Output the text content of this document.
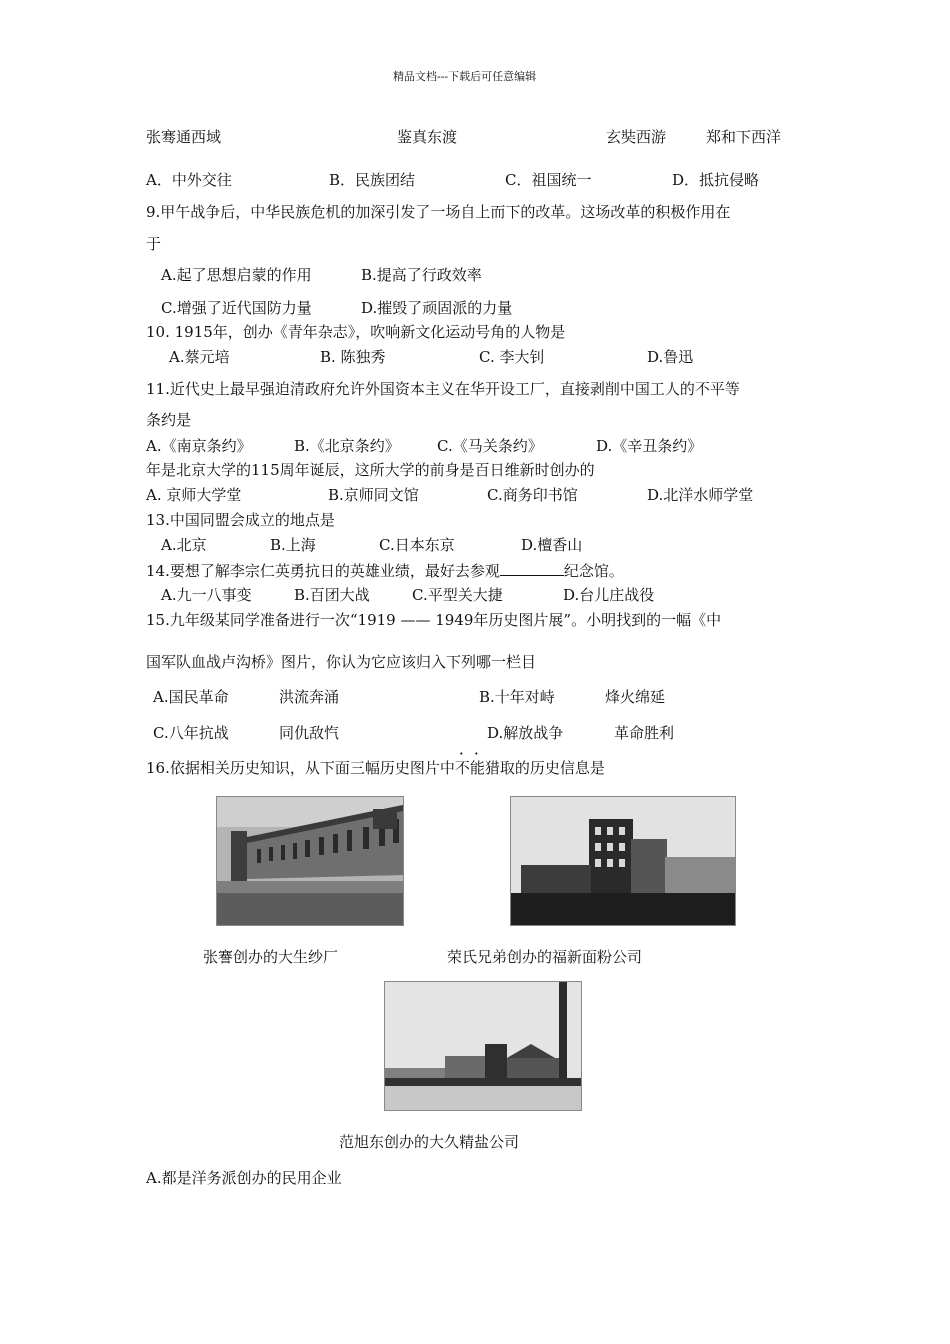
精品文档---下载后可任意编辑
张骞通西域	鉴真东渡	玄奘西游	郑和下西洋
A．中外交往	B．民族团结	C．祖国统一	D．抵抗侵略
9.甲午战争后，中华民族危机的加深引发了一场自上而下的改革。这场改革的积极作用在
于
A.起了思想启蒙的作用	B.提高了行政效率
C.增强了近代国防力量	D.摧毁了顽固派的力量
10. 1915年，创办《青年杂志》，吹响新文化运动号角的人物是
A.蔡元培	B. 陈独秀	C. 李大钊	D.鲁迅
11.近代史上最早强迫清政府允许外国资本主义在华开设工厂，直接剥削中国工人的不平等
条约是
A.《南京条约》	B.《北京条约》 C.《马关条约》	D.《辛丑条约》
年是北京大学的115周年诞辰，这所大学的前身是百日维新时创办的
A. 京师大学堂	B.京师同文馆	C.商务印书馆	D.北洋水师学堂
13.中国同盟会成立的地点是
A.北京	B.上海	C.日本东京	D.檀香山
14.要想了解李宗仁英勇抗日的英雄业绩，最好去参观	纪念馆。
A.九一八事变	B.百团大战	C.平型关大捷	D.台儿庄战役
15.九年级某同学准备进行一次“1919 —— 1949年历史图片展”。小明找到的一幅《中
国军队血战卢沟桥》图片，你认为它应该归入下列哪一栏目
A.国民革命	洪流奔涌	B.十年对峙	烽火绵延
C.八年抗战	同仇敌忾	D.解放战争	革命胜利
16.依据相关历史知识，从下面三幅历史图片中不能猎取的历史信息是
张謇创办的大生纱厂	荣氏兄弟创办的福新面粉公司
范旭东创办的大久精盐公司
A.都是洋务派创办的民用企业
